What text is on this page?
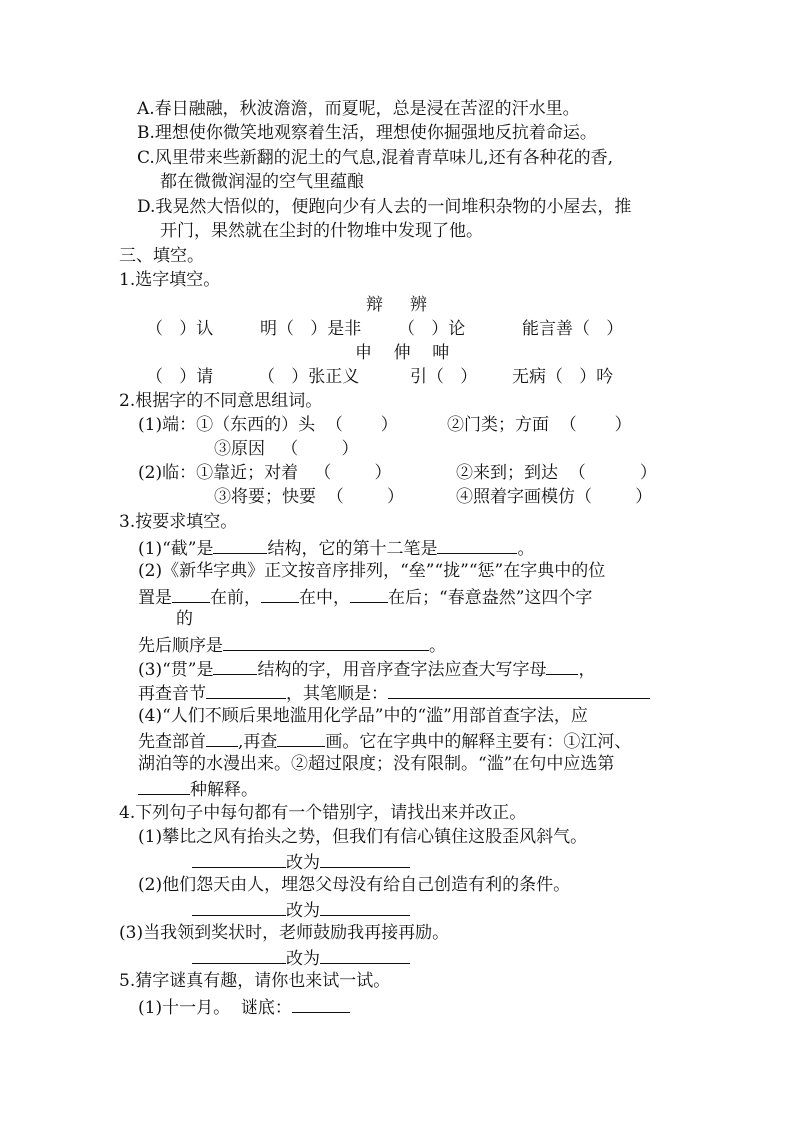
A.春日融融，秋波澹澹，而夏呢，总是浸在苦涩的汗水里。
B.理想使你微笑地观察着生活，理想使你掘强地反抗着命运。
C.风里带来些新翻的泥土的气息,混着青草味儿,还有各种花的香,
都在微微润湿的空气里蕴酿
D.我晃然大悟似的，便跑向少有人去的一间堆积杂物的小屋去，推
开门，果然就在尘封的什物堆中发现了他。
三、填空。
1.选字填空。
辩     辨
（   ）认	明（   ）是非 （   ）论	能言善（   ）
申    伸    呻
（   ）请	（   ）张正义	引（   ） 无病（   ）吟
2.根据字的不同意思组词。
(1)端：①（东西的）头  （       ）	②门类；方面  （       ）
③原因   （        ）
(2)临：①靠近；对着   （        ）	②来到；到达  （          ）
③将要；快要  （        ）	④照着字画模仿（        ）
3.按要求填空。
(1)“截”是	结构，它的第十二笔是	。
(2)《新华字典》正文按音序排列，“垒”“拢”“惩”在字典中的位
置是 在前， 在中， 在后；“春意盎然”这四个字
的
先后顺序是	。
(3)“贯”是	结构的字，用音序查字法应查大写字母 ，
再查音节	，其笔顺是：
(4)“人们不顾后果地滥用化学品”中的“滥”用部首查字法，应
先查部首 ,再查	画。它在字典中的解释主要有：①江河、
湖泊等的水漫出来。②超过限度；没有限制。“滥”在句中应选第
种解释。
4.下列句子中每句都有一个错别字，请找出来并改正。
(1)攀比之风有抬头之势，但我们有信心镇住这股歪风斜气。
改为
(2)他们怨天由人，埋怨父母没有给自己创造有利的条件。
改为
(3)当我领到奖状时，老师鼓励我再接再励。
改为
5.猜字谜真有趣，请你也来试一试。
(1)十一月。  谜底：
